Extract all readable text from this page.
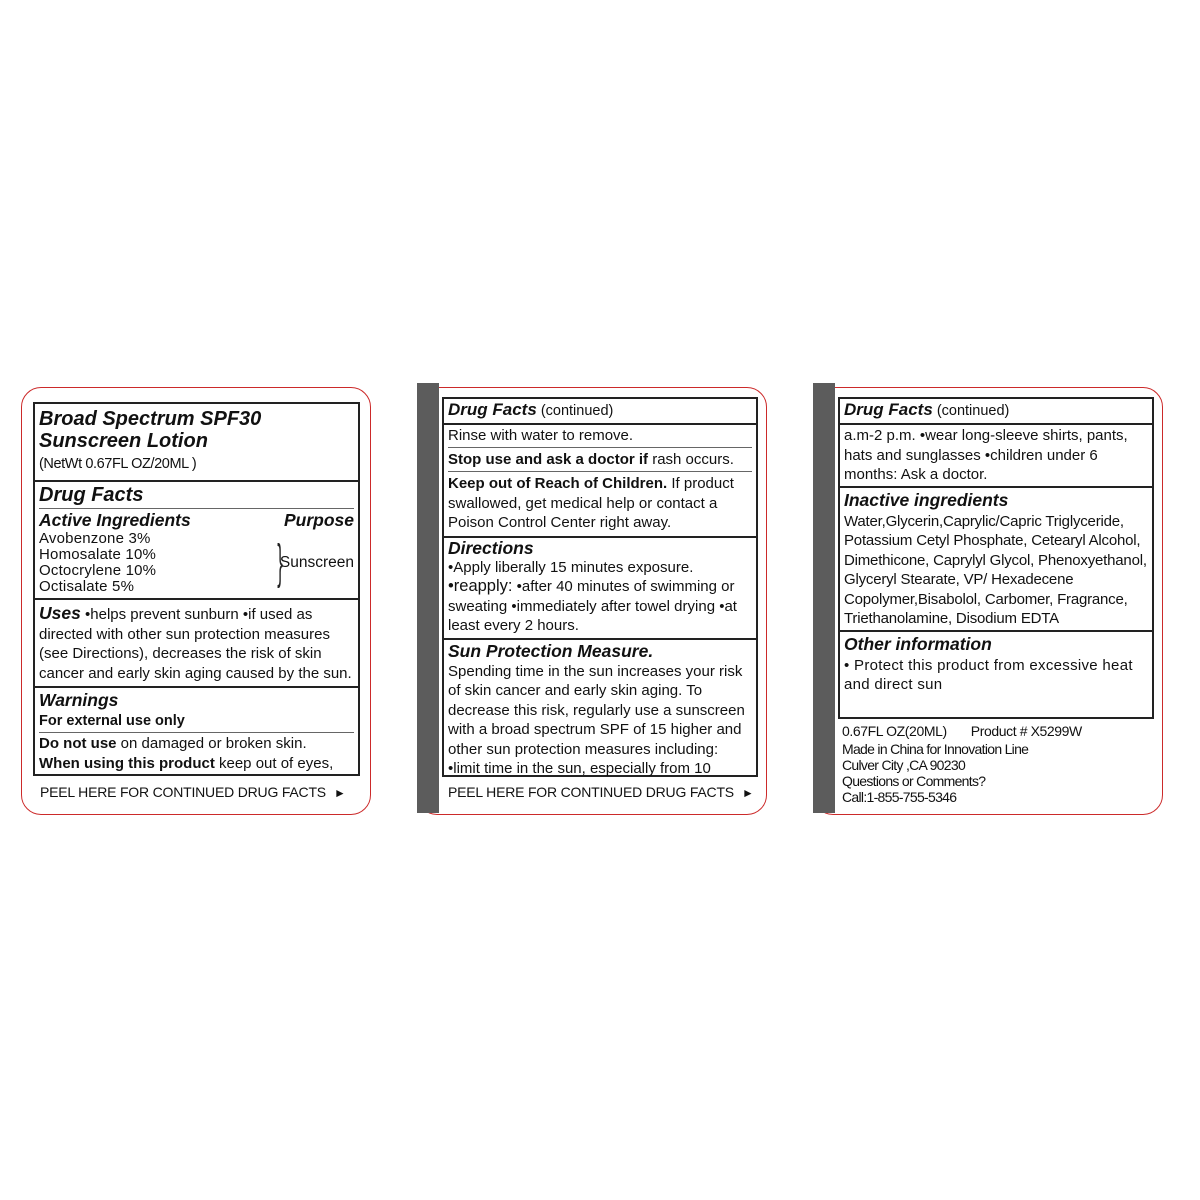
Broad Spectrum SPF30
Sunscreen Lotion
(NetWt 0.67FL OZ/20ML )
Drug Facts
Active Ingredients	Purpose
Avobenzone 3%
Homosalate 10%
Octocrylene 10%
Octisalate 5%	}
Sunscreen
Uses •helps prevent sunburn •if used as directed with other sun protection measures (see Directions), decreases the risk of skin cancer and early skin aging caused by the sun.
Warnings
For external use only
Do not use on damaged or broken skin.
When using this product keep out of eyes,
PEEL HERE FOR CONTINUED DRUG FACTS ►
Drug Facts (continued)
Rinse with water to remove.
Stop use and ask a doctor if rash occurs.
Keep out of Reach of Children. If product swallowed, get medical help or contact a Poison Control Center right away.
Directions
•Apply liberally 15 minutes exposure.
•reapply: •after 40 minutes of swimming or sweating •immediately after towel drying •at least every 2 hours.
Sun Protection Measure.
Spending time in the sun increases your risk of skin cancer and early skin aging. To decrease this risk, regularly use a sunscreen with a broad spectrum SPF of 15 higher and other sun protection measures including: •limit time in the sun, especially from 10
PEEL HERE FOR CONTINUED DRUG FACTS ►
Drug Facts (continued)
a.m-2 p.m. •wear long-sleeve shirts, pants, hats and sunglasses •children under 6 months: Ask a doctor.
Inactive ingredients
Water,Glycerin,Caprylic/Capric Triglyceride, Potassium Cetyl Phosphate, Cetearyl Alcohol, Dimethicone, Caprylyl Glycol, Phenoxyethanol, Glyceryl Stearate, VP/ Hexadecene Copolymer,Bisabolol, Carbomer, Fragrance, Triethanolamine, Disodium EDTA
Other information
• Protect this product from excessive heat and direct sun
0.67FL OZ(20ML) Product # X5299W
Made in China for Innovation Line
Culver City ,CA 90230
Questions or Comments?
Call:1-855-755-5346
